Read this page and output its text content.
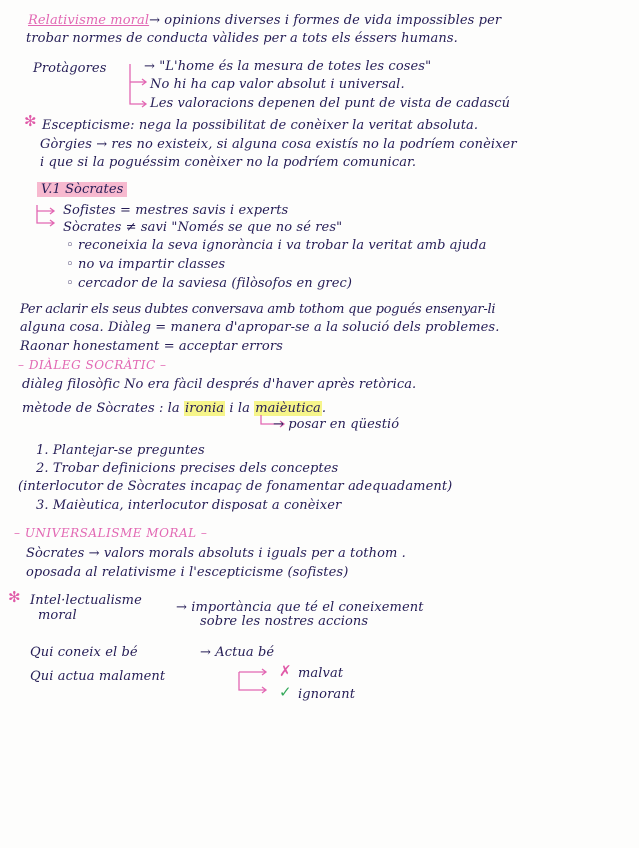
Relativisme moral→ opinions diverses i formes de vida impossibles per
trobar normes de conducta vàlides per a tots els éssers humans.
Protàgores	→ "L'home és la mesura de totes les coses"
No hi ha cap valor absolut i universal.
Les valoracions depenen del punt de vista de cadascú
✻ Escepticisme: nega la possibilitat de conèixer la veritat absoluta.
Gòrgies → res no existeix, si alguna cosa existís no la podríem conèixer
i que si la poguéssim conèixer no la podríem comunicar.
V.1 Sòcrates
Sofistes = mestres savis i experts
Sòcrates ≠ savi "Només se que no sé res"
◦ reconeixia la seva ignorància i va trobar la veritat amb ajuda
◦ no va impartir classes
◦ cercador de la saviesa (filòsofos en grec)
Per aclarir els seus dubtes conversava amb tothom que pogués ensenyar-li
alguna cosa. Diàleg = manera d'apropar-se a la solució dels problemes.
Raonar honestament = acceptar errors
– DIÀLEG SOCRÀTIC –
diàleg filosòfic No era fàcil després d'haver après retòrica.
mètode de Sòcrates : la ironia i la maièutica.
→ posar en qüestió
1. Plantejar-se preguntes
2. Trobar definicions precises dels conceptes
(interlocutor de Sòcrates incapaç de fonamentar adequadament)
3. Maièutica, interlocutor disposat a conèixer
– UNIVERSALISME MORAL –
Sòcrates → valors morals absoluts i iguals per a tothom .
oposada al relativisme i l'escepticisme (sofistes)
✻ Intel·lectualisme
moral
→ importància que té el coneixement
sobre les nostres accions
Qui coneix el bé	→ Actua bé
Qui actua malament	✗ malvat
✓ ignorant
